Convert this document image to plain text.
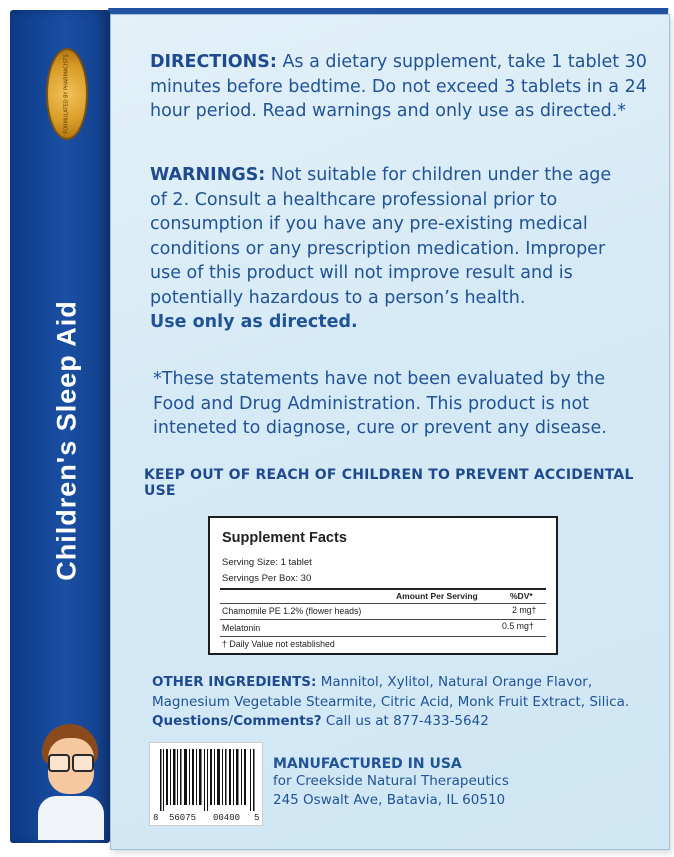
FORMULATED BY PHARMACISTS
Children's Sleep Aid
DIRECTIONS: As a dietary supplement, take 1 tablet 30 minutes before bedtime. Do not exceed 3 tablets in a 24 hour period. Read warnings and only use as directed.*
WARNINGS: Not suitable for children under the age of 2. Consult a healthcare professional prior to consumption if you have any pre-existing medical conditions or any prescription medication. Improper use of this product will not improve result and is potentially hazardous to a person’s health.
Use only as directed.
*These statements have not been evaluated by the Food and Drug Administration. This product is not inteneted to diagnose, cure or prevent any disease.
KEEP OUT OF REACH OF CHILDREN TO PREVENT ACCIDENTAL USE
Supplement Facts
Serving Size: 1 tablet
Servings Per Box: 30
Amount Per Serving	%DV*
Chamomile PE 1.2% (flower heads)	2 mg†
Melatonin	0.5 mg†
† Daily Value not established
OTHER INGREDIENTS: Mannitol, Xylitol, Natural Orange Flavor, Magnesium Vegetable Stearmite, Citric Acid, Monk Fruit Extract, Silica.
Questions/Comments? Call us at 877-433-5642
8 56075 00400 5
MANUFACTURED IN USA
for Creekside Natural Therapeutics
245 Oswalt Ave, Batavia, IL 60510
